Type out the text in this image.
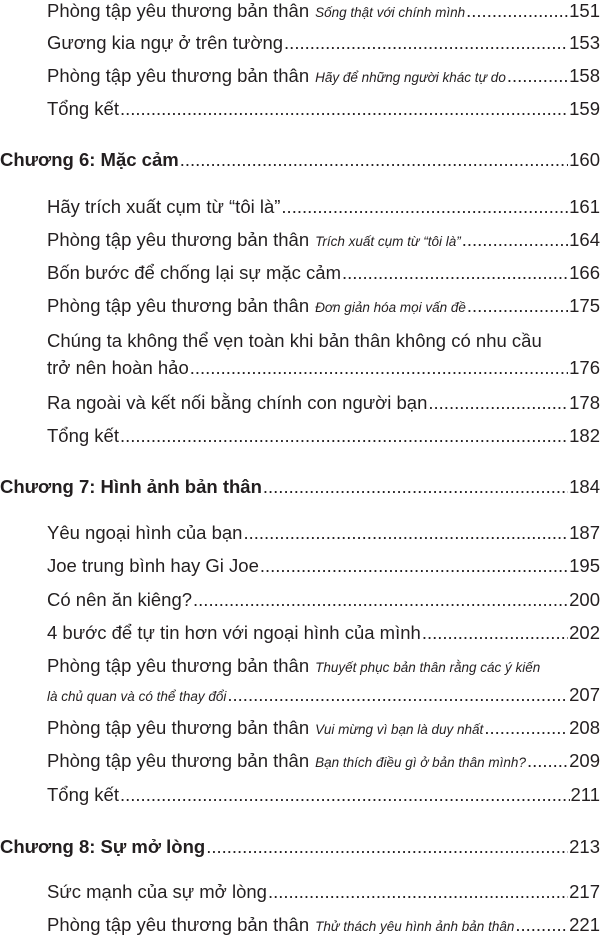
Phòng tập yêu thương bản thân Sống thật với chính mình .....	151
Gương kia ngự ở trên tường .....	153
Phòng tập yêu thương bản thân Hãy để những người khác tự do .....	158
Tổng kết .....	159
Chương 6: Mặc cảm .....	160
Hãy trích xuất cụm từ “tôi là” .....	161
Phòng tập yêu thương bản thân Trích xuất cụm từ “tôi là” .....	164
Bốn bước để chống lại sự mặc cảm .....	166
Phòng tập yêu thương bản thân Đơn giản hóa mọi vấn đề .....	175
Chúng ta không thể vẹn toàn khi bản thân không có nhu cầu
trở nên hoàn hảo .....	176
Ra ngoài và kết nối bằng chính con người bạn .....	178
Tổng kết .....	182
Chương 7: Hình ảnh bản thân .....	184
Yêu ngoại hình của bạn .....	187
Joe trung bình hay Gi Joe .....	195
Có nên ăn kiêng? .....	200
4 bước để tự tin hơn với ngoại hình của mình .....	202
Phòng tập yêu thương bản thân Thuyết phục bản thân rằng các ý kiến
là chủ quan và có thể thay đổi .....	207
Phòng tập yêu thương bản thân Vui mừng vì bạn là duy nhất .....	208
Phòng tập yêu thương bản thân Bạn thích điều gì ở bản thân mình? ..... 209
Tổng kết .....	211
Chương 8: Sự mở lòng .....	213
Sức mạnh của sự mở lòng .....	217
Phòng tập yêu thương bản thân Thử thách yêu hình ảnh bản thân .....	221
